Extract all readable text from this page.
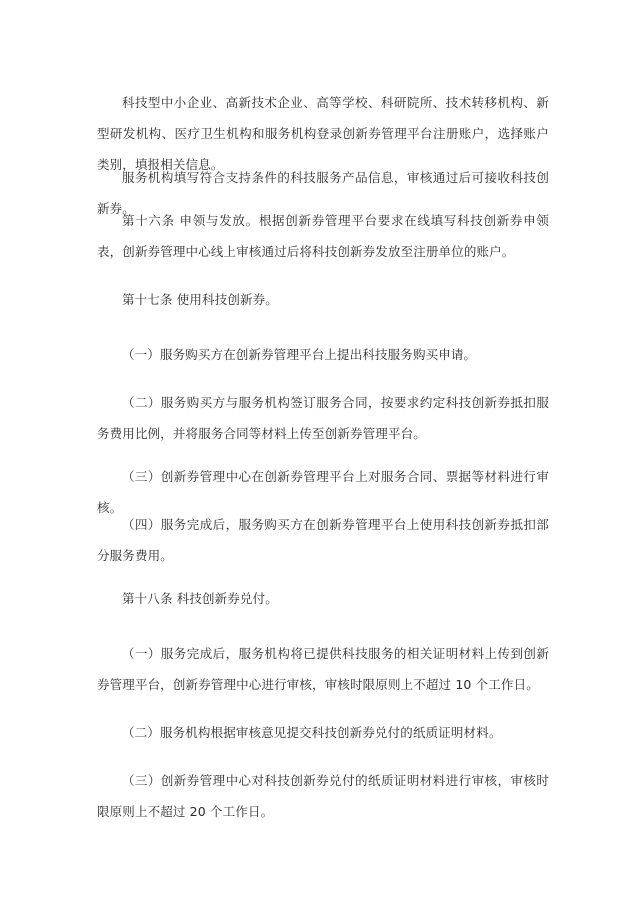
科技型中小企业、高新技术企业、高等学校、科研院所、技术转移机构、新型研发机构、医疗卫生机构和服务机构登录创新券管理平台注册账户，选择账户类别，填报相关信息。

服务机构填写符合支持条件的科技服务产品信息，审核通过后可接收科技创新券。

第十六条 申领与发放。根据创新券管理平台要求在线填写科技创新券申领表，创新券管理中心线上审核通过后将科技创新券发放至注册单位的账户。

第十七条 使用科技创新券。

（一）服务购买方在创新券管理平台上提出科技服务购买申请。

（二）服务购买方与服务机构签订服务合同，按要求约定科技创新券抵扣服务费用比例，并将服务合同等材料上传至创新券管理平台。

（三）创新券管理中心在创新券管理平台上对服务合同、票据等材料进行审核。

（四）服务完成后，服务购买方在创新券管理平台上使用科技创新券抵扣部分服务费用。

第十八条 科技创新券兑付。

（一）服务完成后，服务机构将已提供科技服务的相关证明材料上传到创新券管理平台，创新券管理中心进行审核，审核时限原则上不超过 10 个工作日。

（二）服务机构根据审核意见提交科技创新券兑付的纸质证明材料。

（三）创新券管理中心对科技创新券兑付的纸质证明材料进行审核，审核时限原则上不超过 20 个工作日。
